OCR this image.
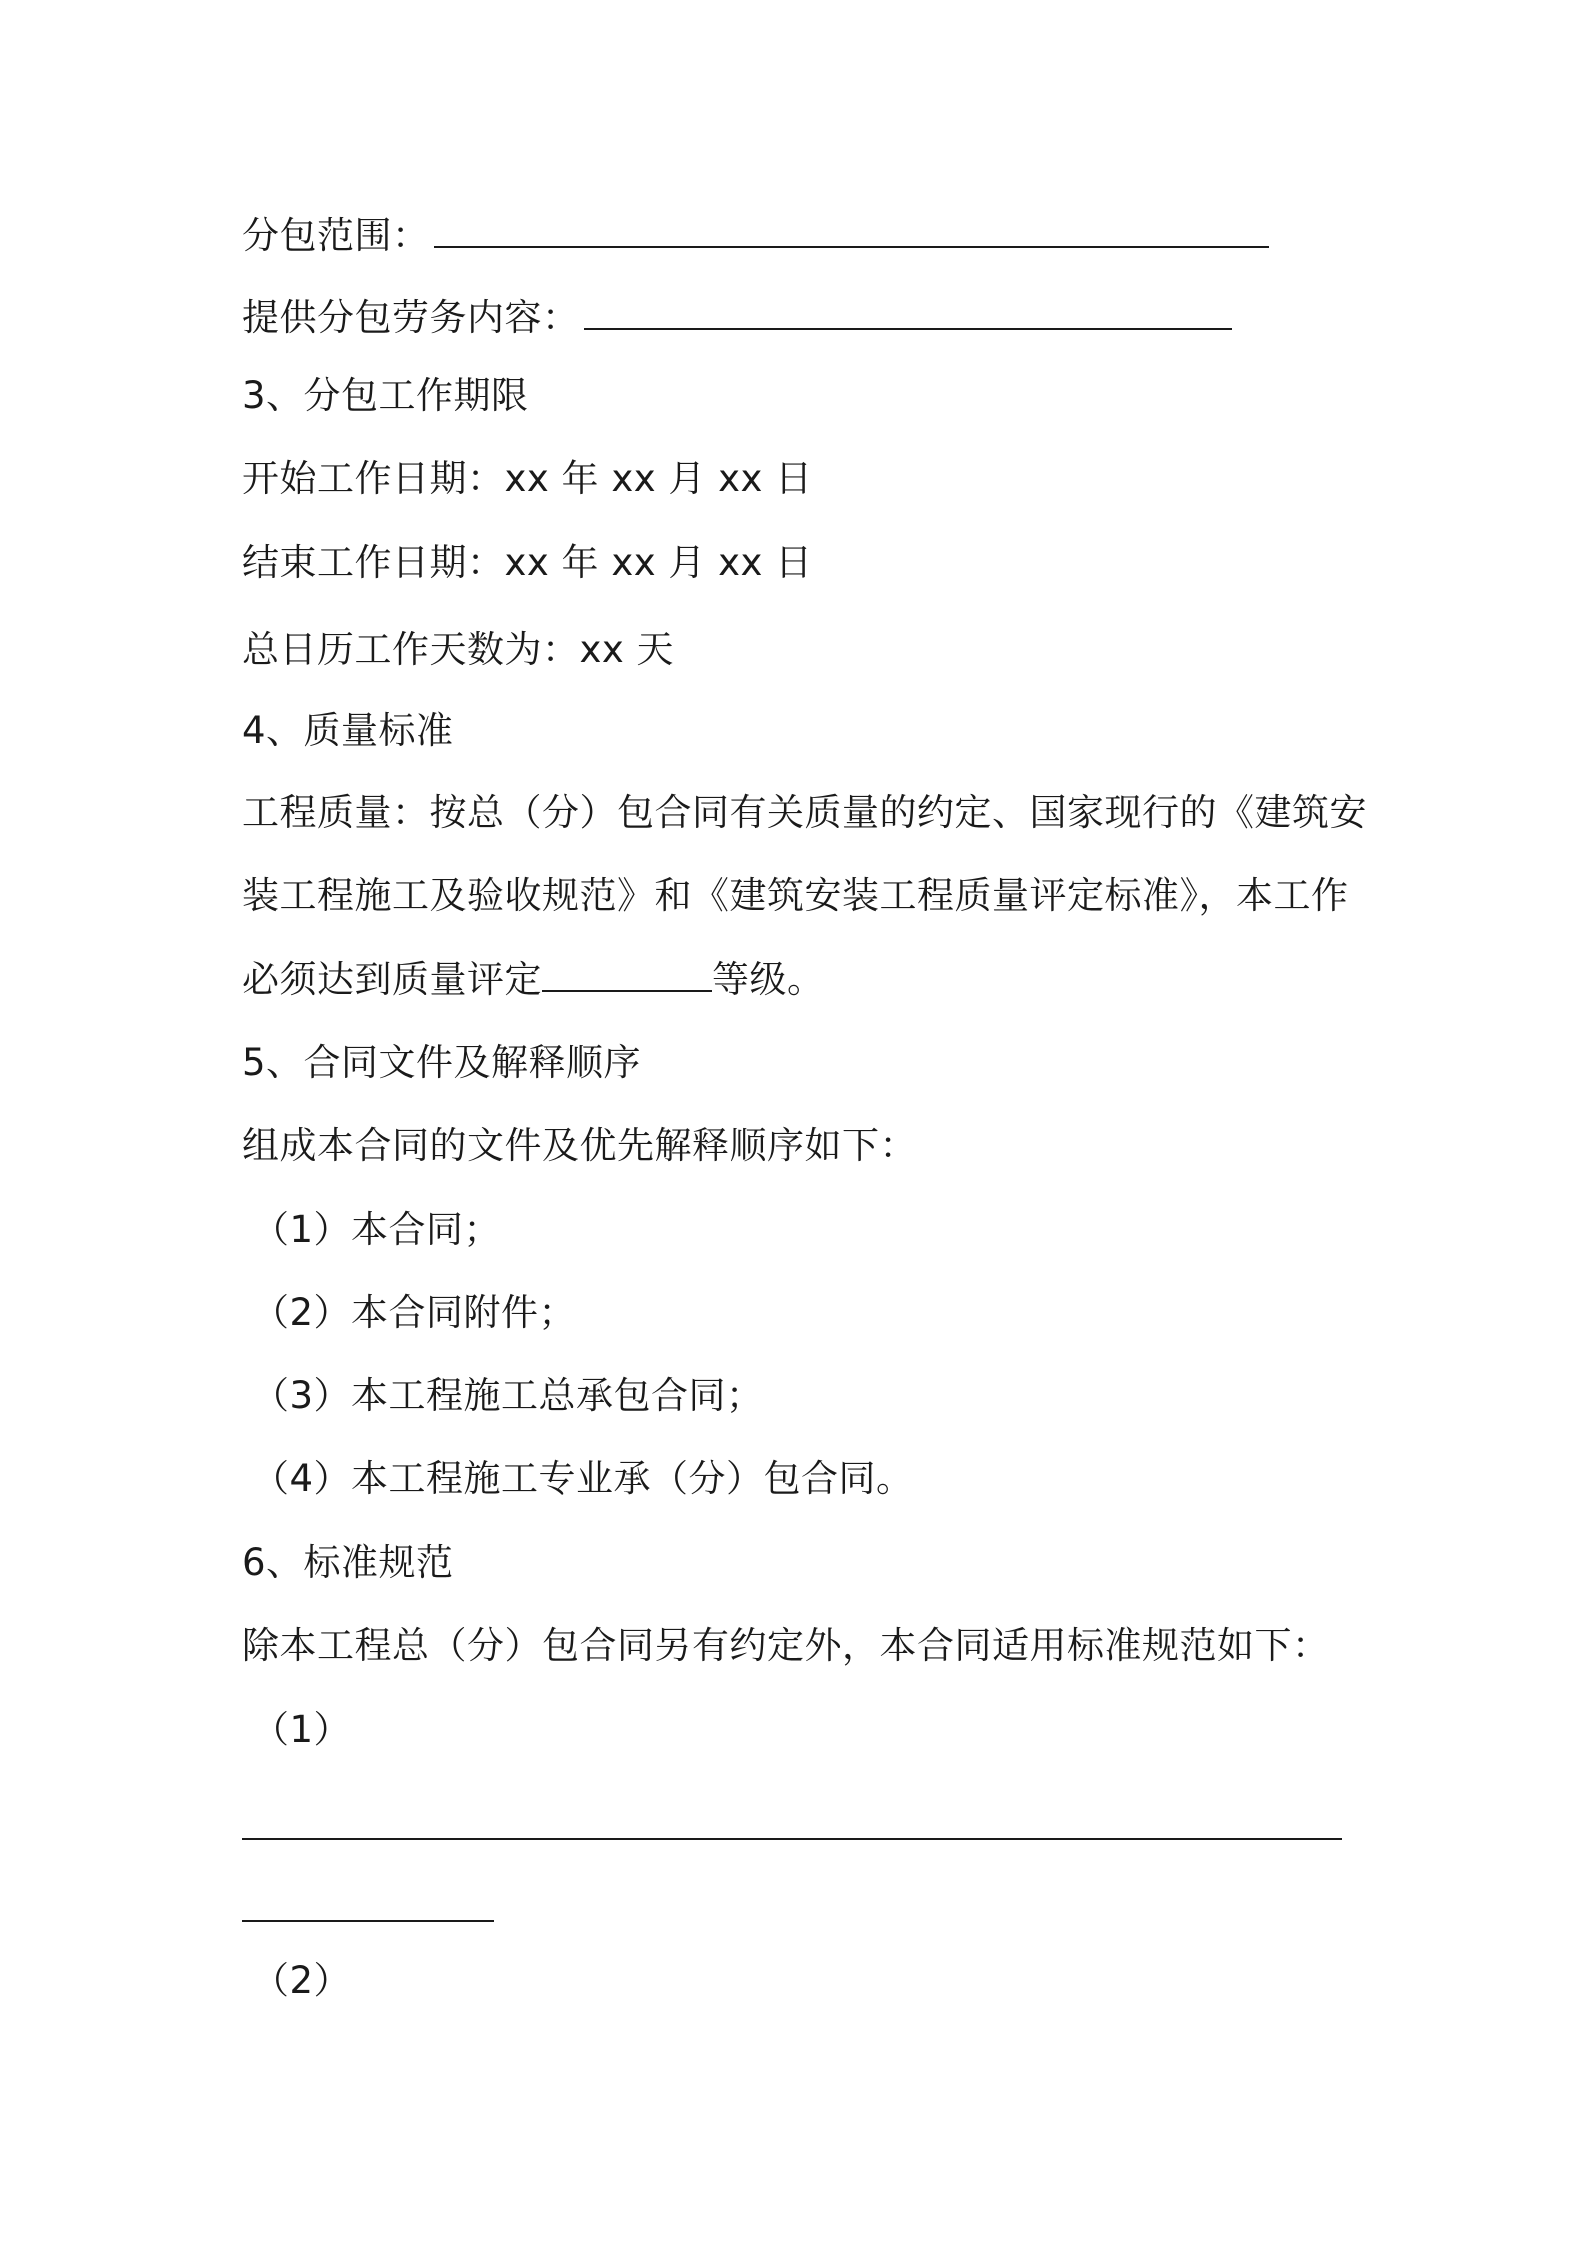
分包范围：
提供分包劳务内容：
3、分包工作期限
开始工作日期：xx 年 xx 月 xx 日
结束工作日期：xx 年 xx 月 xx 日
总日历工作天数为：xx 天
4、质量标准
工程质量：按总（分）包合同有关质量的约定、国家现行的《建筑安
装工程施工及验收规范》和《建筑安装工程质量评定标准》，本工作
必须达到质量评定	等级。
5、合同文件及解释顺序
组成本合同的文件及优先解释顺序如下：
（1）本合同；
（2）本合同附件；
（3）本工程施工总承包合同；
（4）本工程施工专业承（分）包合同。
6、标准规范
除本工程总（分）包合同另有约定外，本合同适用标准规范如下：
（1）
（2）
